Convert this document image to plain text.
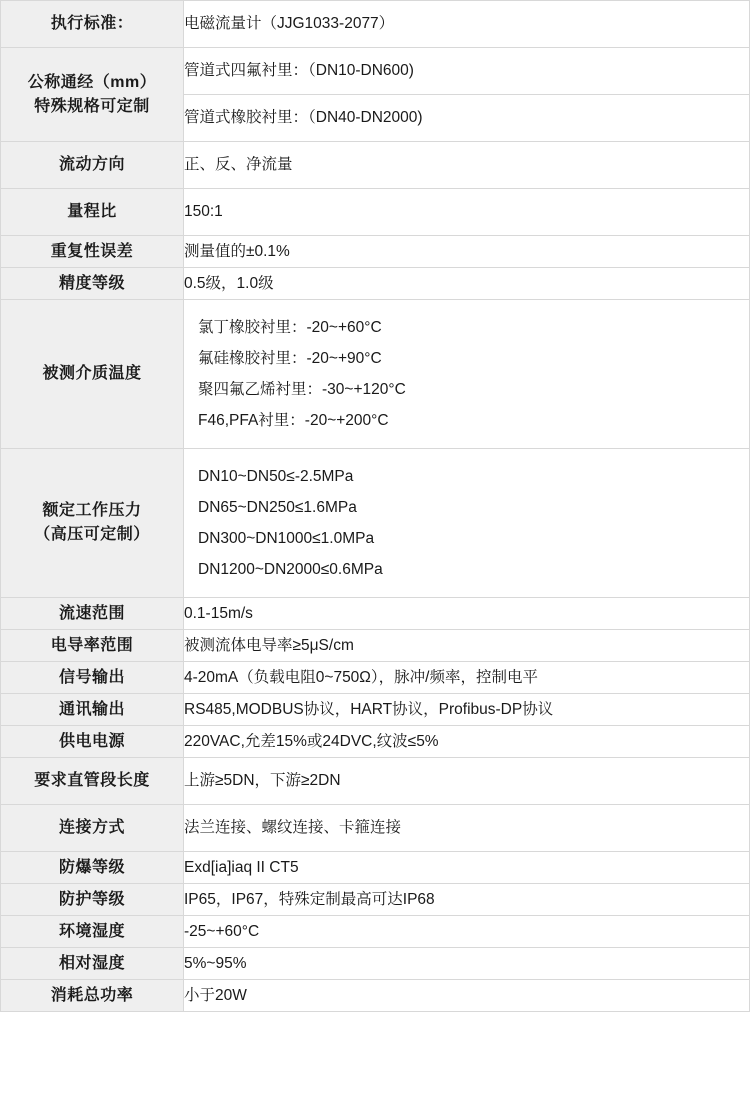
执行标准：	电磁流量计（JJG1033-2077）

公称通经（mm）
特殊规格可定制	管道式四氟衬里：（DN10-DN600)

	管道式橡胶衬里：（DN40-DN2000)

流动方向	正、反、净流量

量程比	150:1

重复性误差	测量值的±0.1%

精度等级	0.5级，1.0级

被测介质温度	氯丁橡胶衬里：-20~+60°C
氟硅橡胶衬里：-20~+90°C
聚四氟乙烯衬里：-30~+120°C
F46,PFA衬里：-20~+200°C

额定工作压力
（高压可定制）	DN10~DN50≤-2.5MPa
DN65~DN250≤1.6MPa
DN300~DN1000≤1.0MPa
DN1200~DN2000≤0.6MPa

流速范围	0.1-15m/s

电导率范围	被测流体电导率≥5μS/cm

信号输出	4-20mA（负载电阻0~750Ω），脉冲/频率，控制电平

通讯输出	RS485,MODBUS协议，HART协议，Profibus-DP协议

供电电源	220VAC,允差15%或24DVC,纹波≤5%

要求直管段长度	上游≥5DN，下游≥2DN

连接方式	法兰连接、螺纹连接、卡箍连接

防爆等级	Exd[ia]iaq II CT5

防护等级	IP65，IP67，特殊定制最高可达IP68

环境湿度	-25~+60°C

相对湿度	5%~95%

消耗总功率	小于20W
